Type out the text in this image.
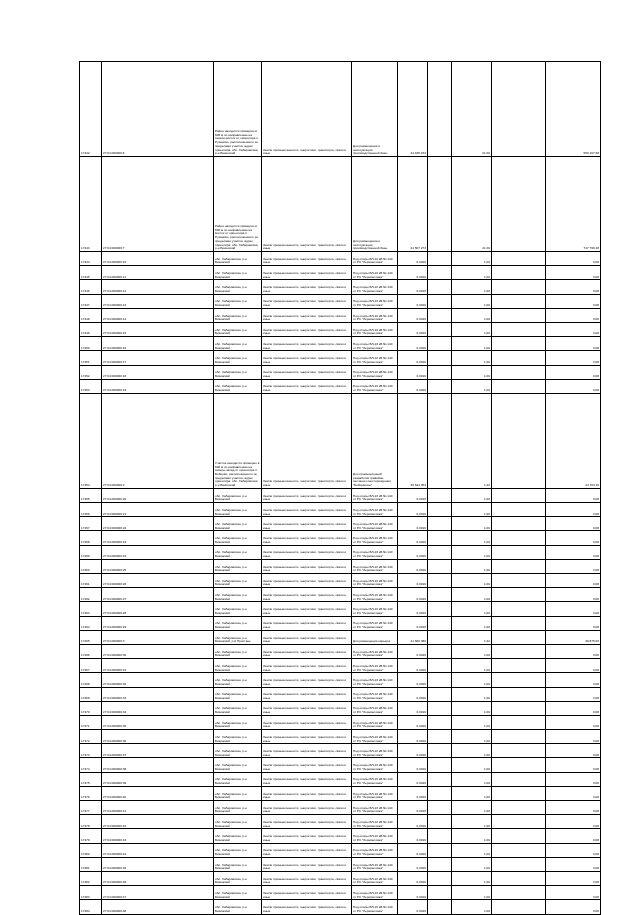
17442	27:04:000000:6	Район находится примерно в 500 м по направлению на северо-восток от ориентира п. Рузаново, расположенного за пределами участка, адрес ориентира: обл. Хабаровская, р-н Бикинский	Земли промышленности, энергетики, транспорта, связи и иные	Для размещения и эксплуатации производственной базы	24 186 153		21 00		550 167 68
17443	27:04:000000:7	Район находится примерно в 500 м по направлению на восток от ориентира п. Рузаново, расположенного за пределами участка, адрес ориентира: обл. Хабаровская, р-н Бикинский	Земли промышленности, энергетики, транспорта, связи и иные	Для размещения и эксплуатации производственной базы	24 507 273		21 00		747 798 48
17444	27:04:000000:10	обл. Хабаровская, р-н Бикинский	Земли промышленности, энергетики, транспорта, связи и иные	Под опоры ВЛ-10 кВ № 140 от РС "Лермонтовка"	0,0016		1,00		0,08
17445	27:04:000000:11	обл. Хабаровская, р-н Бикинский	Земли промышленности, энергетики, транспорта, связи и иные	Под опоры ВЛ-10 кВ № 140 от РС "Лермонтовка"	0,0016		1,00		0,08
17446	27:04:000000:12	обл. Хабаровская, р-н Бикинский	Земли промышленности, энергетики, транспорта, связи и иные	Под опоры ВЛ-10 кВ № 140 от РС "Лермонтовка"	0,0016		1,00		0,08
17447	27:04:000000:13	обл. Хабаровская, р-н Бикинский	Земли промышленности, энергетики, транспорта, связи и иные	Под опоры ВЛ-10 кВ № 140 от РС "Лермонтовка"	0,0016		1,00		0,08
17448	27:04:000000:14	обл. Хабаровская, р-н Бикинский	Земли промышленности, энергетики, транспорта, связи и иные	Под опоры ВЛ-10 кВ № 140 от РС "Лермонтовка"	0,0016		1,00		0,08
17449	27:04:000000:15	обл. Хабаровская, р-н Бикинский	Земли промышленности, энергетики, транспорта, связи и иные	Под опоры ВЛ-10 кВ № 140 от РС "Лермонтовка"	0,0016		1,00		0,08
17450	27:04:000000:16	обл. Хабаровская, р-н Бикинский	Земли промышленности, энергетики, транспорта, связи и иные	Под опоры ВЛ-10 кВ № 140 от РС "Лермонтовка"	0,0016		1,00		0,08
17451	27:04:000000:17	обл. Хабаровская, р-н Бикинский	Земли промышленности, энергетики, транспорта, связи и иные	Под опоры ВЛ-10 кВ № 140 от РС "Лермонтовка"	0,0016		1,00		0,08
17452	27:04:000000:18	обл. Хабаровская, р-н Бикинский	Земли промышленности, энергетики, транспорта, связи и иные	Под опоры ВЛ-10 кВ № 140 от РС "Лермонтовка"	0,0016		1,00		0,08
17453	27:04:000000:19	обл. Хабаровская, р-н Бикинский	Земли промышленности, энергетики, транспорта, связи и иные	Под опоры ВЛ-10 кВ № 140 от РС "Лермонтовка"	0,0016		1,00		0,08
17454	27:04:000000:2	Участок находится примерно в 500 м по направлению на северо-запад от ориентира п. Бойцово, расположенного за пределами участка, адрес ориентира: обл. Хабаровская, р-н Бикинский	Земли промышленности, энергетики, транспорта, связи и иные	Для промышленной разработки гравийно-песчаного месторождения "Бойцовское"	36 641 353		1,22		44 703 45
17455	27:04:000000:20	обл. Хабаровская, р-н Бикинский	Земли промышленности, энергетики, транспорта, связи и иные	Под опоры ВЛ-10 кВ № 140 от РС "Лермонтовка"	0,0016		1,00		0,08
17456	27:04:000000:21	обл. Хабаровская, р-н Бикинский	Земли промышленности, энергетики, транспорта, связи и иные	Под опоры ВЛ-10 кВ № 140 от РС "Лермонтовка"	0,0016		1,00		0,08
17457	27:04:000000:22	обл. Хабаровская, р-н Бикинский	Земли промышленности, энергетики, транспорта, связи и иные	Под опоры ВЛ-10 кВ № 140 от РС "Лермонтовка"	0,0016		1,00		0,08
17458	27:04:000000:23	обл. Хабаровская, р-н Бикинский	Земли промышленности, энергетики, транспорта, связи и иные	Под опоры ВЛ-10 кВ № 140 от РС "Лермонтовка"	0,0016		1,00		0,08
17459	27:04:000000:24	обл. Хабаровская, р-н Бикинский	Земли промышленности, энергетики, транспорта, связи и иные	Под опоры ВЛ-10 кВ № 140 от РС "Лермонтовка"	0,0016		1,00		0,08
17460	27:04:000000:25	обл. Хабаровская, р-н Бикинский	Земли промышленности, энергетики, транспорта, связи и иные	Под опоры ВЛ-10 кВ № 140 от РС "Лермонтовка"	0,0016		1,00		0,08
17461	27:04:000000:26	обл. Хабаровская, р-н Бикинский	Земли промышленности, энергетики, транспорта, связи и иные	Под опоры ВЛ-10 кВ № 140 от РС "Лермонтовка"	0,0016		1,00		0,08
17462	27:04:000000:27	обл. Хабаровская, р-н Бикинский	Земли промышленности, энергетики, транспорта, связи и иные	Под опоры ВЛ-10 кВ № 140 от РС "Лермонтовка"	0,0016		1,00		0,08
17463	27:04:000000:28	обл. Хабаровская, р-н Бикинский	Земли промышленности, энергетики, транспорта, связи и иные	Под опоры ВЛ-10 кВ № 140 от РС "Лермонтовка"	0,0016		1,00		0,08
17464	27:04:000000:29	обл. Хабаровская, р-н Бикинский	Земли промышленности, энергетики, транспорта, связи и иные	Под опоры ВЛ-10 кВ № 140 от РС "Лермонтовка"	0,0016		1,00		0,08
17465	27:04:000000:3	обл. Хабаровская, р-н Бикинский, р-й Пристань	Земли промышленности, энергетики, транспорта, связи и иные	Для размещения карьера	41 660 380		1,22		49 875 00
17466	27:04:000000:30	обл. Хабаровская, р-н Бикинский	Земли промышленности, энергетики, транспорта, связи и иные	Под опоры ВЛ-10 кВ № 140 от РС "Лермонтовка"	0,0016		1,00		0,08
17467	27:04:000000:31	обл. Хабаровская, р-н Бикинский	Земли промышленности, энергетики, транспорта, связи и иные	Под опоры ВЛ-10 кВ № 140 от РС "Лермонтовка"	0,0016		1,00		0,08
17468	27:04:000000:32	обл. Хабаровская, р-н Бикинский	Земли промышленности, энергетики, транспорта, связи и иные	Под опоры ВЛ-10 кВ № 140 от РС "Лермонтовка"	0,0016		1,00		0,08
17469	27:04:000000:33	обл. Хабаровская, р-н Бикинский	Земли промышленности, энергетики, транспорта, связи и иные	Под опоры ВЛ-10 кВ № 140 от РС "Лермонтовка"	0,0016		1,00		0,08
17470	27:04:000000:34	обл. Хабаровская, р-н Бикинский	Земли промышленности, энергетики, транспорта, связи и иные	Под опоры ВЛ-10 кВ № 140 от РС "Лермонтовка"	0,0016		1,00		0,08
17471	27:04:000000:35	обл. Хабаровская, р-н Бикинский	Земли промышленности, энергетики, транспорта, связи и иные	Под опоры ВЛ-10 кВ № 140 от РС "Лермонтовка"	0,0016		1,00		0,08
17472	27:04:000000:36	обл. Хабаровская, р-н Бикинский	Земли промышленности, энергетики, транспорта, связи и иные	Под опоры ВЛ-10 кВ № 140 от РС "Лермонтовка"	0,0016		1,00		0,08
17473	27:04:000000:37	обл. Хабаровская, р-н Бикинский	Земли промышленности, энергетики, транспорта, связи и иные	Под опоры ВЛ-10 кВ № 140 от РС "Лермонтовка"	0,0016		1,00		0,08
17474	27:04:000000:38	обл. Хабаровская, р-н Бикинский	Земли промышленности, энергетики, транспорта, связи и иные	Под опоры ВЛ-10 кВ № 140 от РС "Лермонтовка"	0,0016		1,00		0,08
17475	27:04:000000:39	обл. Хабаровская, р-н Бикинский	Земли промышленности, энергетики, транспорта, связи и иные	Под опоры ВЛ-10 кВ № 140 от РС "Лермонтовка"	0,0016		1,00		0,08
17476	27:04:000000:40	обл. Хабаровская, р-н Бикинский	Земли промышленности, энергетики, транспорта, связи и иные	Под опоры ВЛ-10 кВ № 140 от РС "Лермонтовка"	0,0016		1,00		0,08
17477	27:04:000000:41	обл. Хабаровская, р-н Бикинский	Земли промышленности, энергетики, транспорта, связи и иные	Под опоры ВЛ-10 кВ № 140 от РС "Лермонтовка"	0,0016		1,00		0,08
17478	27:04:000000:42	обл. Хабаровская, р-н Бикинский	Земли промышленности, энергетики, транспорта, связи и иные	Под опоры ВЛ-10 кВ № 140 от РС "Лермонтовка"	0,0016		1,00		0,08
17479	27:04:000000:43	обл. Хабаровская, р-н Бикинский	Земли промышленности, энергетики, транспорта, связи и иные	Под опоры ВЛ-10 кВ № 140 от РС "Лермонтовка"	0,0016		1,00		0,08
17480	27:04:000000:44	обл. Хабаровская, р-н Бикинский	Земли промышленности, энергетики, транспорта, связи и иные	Под опоры ВЛ-10 кВ № 140 от РС "Лермонтовка"	0,0016		1,00		0,08
17481	27:04:000000:45	обл. Хабаровская, р-н Бикинский	Земли промышленности, энергетики, транспорта, связи и иные	Под опоры ВЛ-10 кВ № 140 от РС "Лермонтовка"	0,0016		1,00		0,08
17482	27:04:000000:46	обл. Хабаровская, р-н Бикинский	Земли промышленности, энергетики, транспорта, связи и иные	Под опоры ВЛ-10 кВ № 140 от РС "Лермонтовка"	0,0016		1,00		0,08
17483	27:04:000000:47	обл. Хабаровская, р-н Бикинский	Земли промышленности, энергетики, транспорта, связи и иные	Под опоры ВЛ-10 кВ № 140 от РС "Лермонтовка"	0,0016		1,00		0,08
17484	27:04:000000:48	обл. Хабаровская, р-н Бикинский	Земли промышленности, энергетики, транспорта, связи и иные	Под опоры ВЛ-10 кВ № 140 от РС "Лермонтовка"	0,0016		1,00		0,08
